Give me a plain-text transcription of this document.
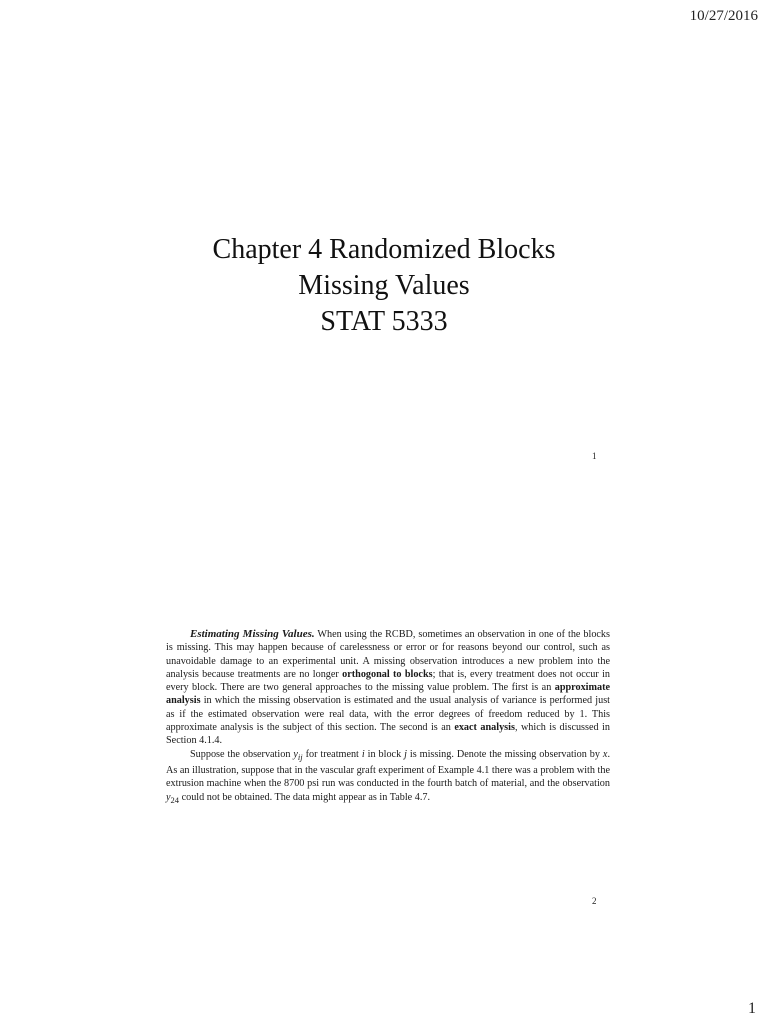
10/27/2016
Chapter 4 Randomized Blocks
Missing Values
STAT 5333
1

Estimating Missing Values. When using the RCBD, sometimes an observation in one of the blocks is missing. This may happen because of carelessness or error or for reasons beyond our control, such as unavoidable damage to an experimental unit. A missing observation introduces a new problem into the analysis because treatments are no longer orthogonal to blocks; that is, every treatment does not occur in every block. There are two general approaches to the missing value problem. The first is an approximate analysis in which the missing observation is estimated and the usual analysis of variance is performed just as if the estimated observation were real data, with the error degrees of freedom reduced by 1. This approximate analysis is the subject of this section. The second is an exact analysis, which is discussed in Section 4.1.4.

Suppose the observation $y_{ij}$ for treatment i in block j is missing. Denote the missing observation by x. As an illustration, suppose that in the vascular graft experiment of Example 4.1 there was a problem with the extrusion machine when the 8700 psi run was conducted in the fourth batch of material, and the observation $y_{24}$ could not be obtained. The data might appear as in Table 4.7.

2
1
